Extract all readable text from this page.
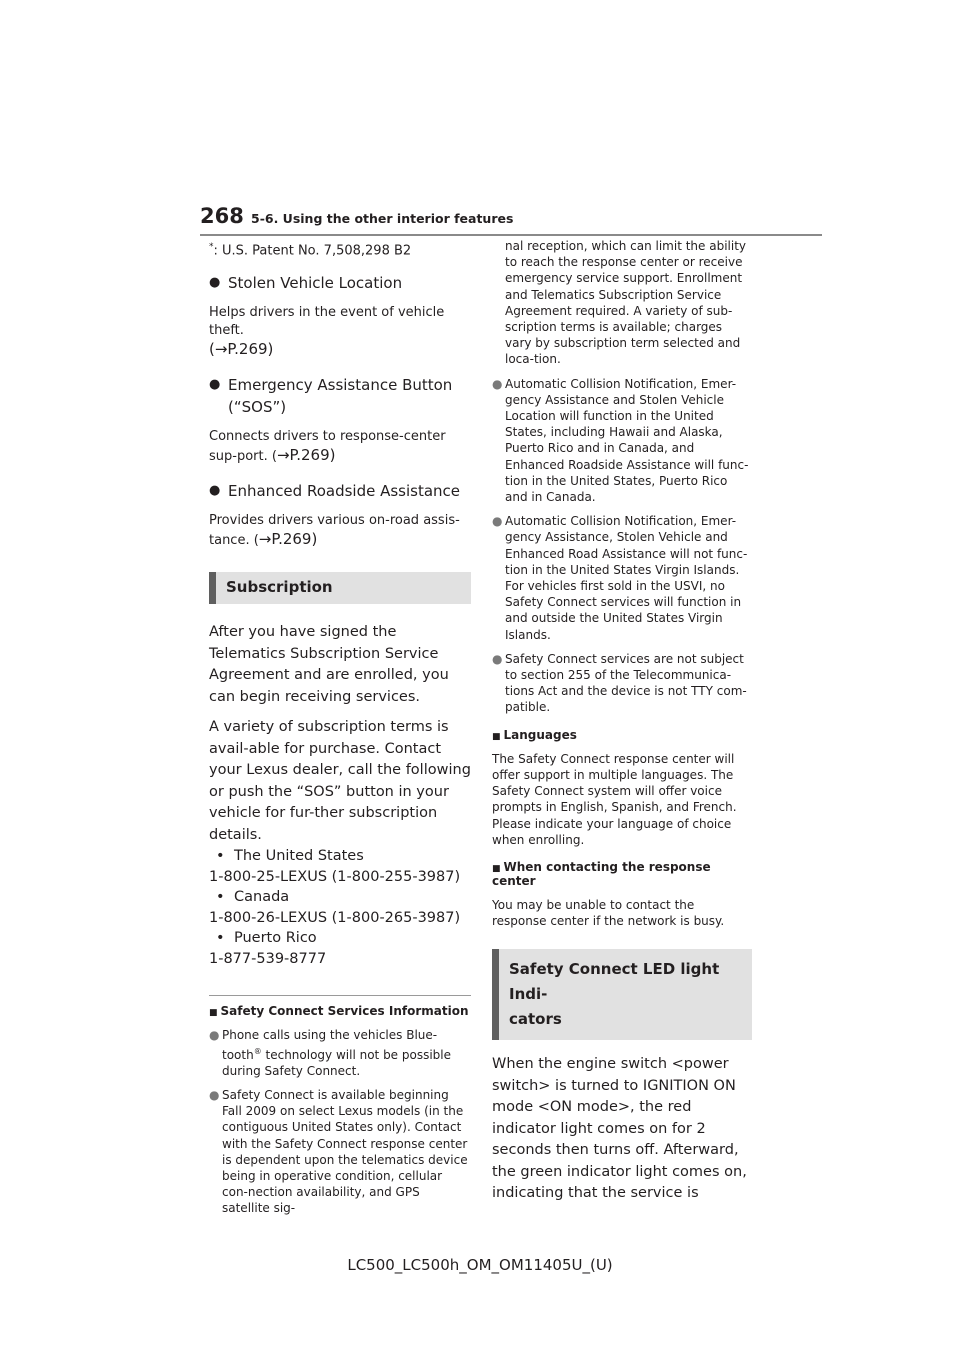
268 5-6. Using the other interior features
*: U.S. Patent No. 7,508,298 B2
● Stolen Vehicle Location
Helps drivers in the event of vehicle theft.
(→P.269)
● Emergency Assistance Button
(“SOS”)
Connects drivers to response-center sup-port. (→P.269)
● Enhanced Roadside Assistance
Provides drivers various on-road assis-tance. (→P.269)
Subscription

After you have signed the Telematics Subscription Service Agreement and are enrolled, you can begin receiving services.

A variety of subscription terms is avail-able for purchase. Contact your Lexus dealer, call the following or push the “SOS” button in your vehicle for fur-ther subscription details.

• The United States
1-800-25-LEXUS (1-800-255-3987)
• Canada
1-800-26-LEXUS (1-800-265-3987)
• Puerto Rico
1-877-539-8777
■ Safety Connect Services Information
● Phone calls using the vehicles Blue-tooth® technology will not be possible during Safety Connect.
● Safety Connect is available beginning Fall 2009 on select Lexus models (in the contiguous United States only). Contact with the Safety Connect response center is dependent upon the telematics device being in operative condition, cellular con-nection availability, and GPS satellite sig-
nal reception, which can limit the ability to reach the response center or receive emergency service support. Enrollment and Telematics Subscription Service Agreement required. A variety of sub-scription terms is available; charges vary by subscription term selected and loca-tion.
● Automatic Collision Notification, Emer-gency Assistance and Stolen Vehicle Location will function in the United States, including Hawaii and Alaska, Puerto Rico and in Canada, and Enhanced Roadside Assistance will func-tion in the United States, Puerto Rico and in Canada.
● Automatic Collision Notification, Emer-gency Assistance, Stolen Vehicle and Enhanced Road Assistance will not func-tion in the United States Virgin Islands. For vehicles first sold in the USVI, no Safety Connect services will function in and outside the United States Virgin Islands.
● Safety Connect services are not subject to section 255 of the Telecommunica-tions Act and the device is not TTY com-patible.
■ Languages
The Safety Connect response center will offer support in multiple languages. The Safety Connect system will offer voice prompts in English, Spanish, and French. Please indicate your language of choice when enrolling.
■ When contacting the response center
You may be unable to contact the response center if the network is busy.
Safety Connect LED light Indi-
cators

When the engine switch <power switch> is turned to IGNITION ON mode <ON mode>, the red indicator light comes on for 2 seconds then turns off. Afterward, the green indicator light comes on, indicating that the service is

LC500_LC500h_OM_OM11405U_(U)
